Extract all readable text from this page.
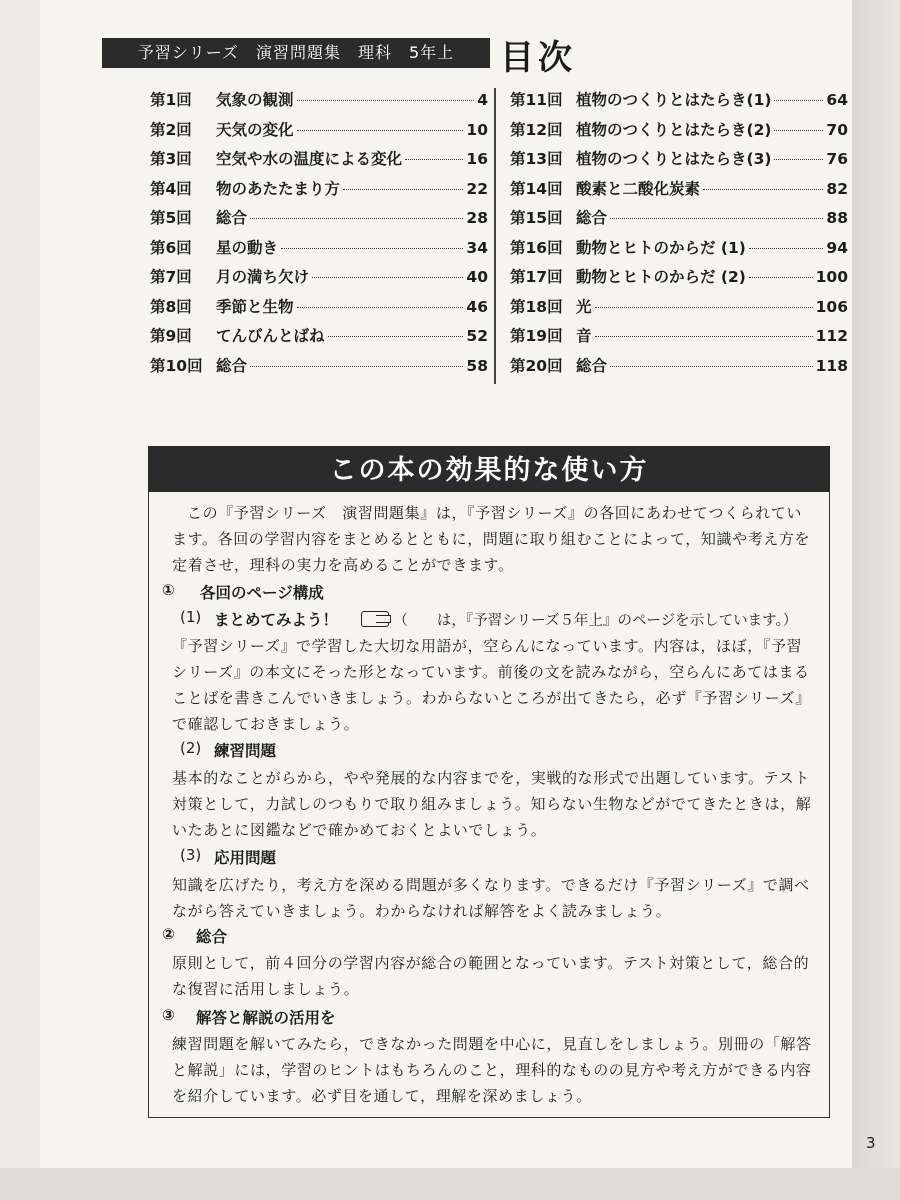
予習シリーズ　演習問題集　理科　5年上	目次
第1回	気象の観測	4
第2回	天気の変化	10
第3回	空気や水の温度による変化	16
第4回	物のあたたまり方	22
第5回	総合	28
第6回	星の動き	34
第7回	月の満ち欠け	40
第8回	季節と生物	46
第9回	てんびんとばね	52
第10回 総合	58
第11回 植物のつくりとはたらき(1)	64
第12回 植物のつくりとはたらき(2)	70
第13回 植物のつくりとはたらき(3)	76
第14回 酸素と二酸化炭素	82
第15回 総合	88
第16回 動物とヒトのからだ (1)	94
第17回 動物とヒトのからだ (2)	100
第18回 光	106
第19回 音	112
第20回 総合	118
この本の効果的な使い方
この『予習シリーズ　演習問題集』は，『予習シリーズ』の各回にあわせてつくられています。各回の学習内容をまとめるとともに，問題に取り組むことによって，知識や考え方を定着させ，理科の実力を高めることができます。
① 各回のページ構成
(1) まとめてみよう！	（　　は，『予習シリーズ５年上』のページを示しています。）
『予習シリーズ』で学習した大切な用語が，空らんになっています。内容は，ほぼ，『予習シリーズ』の本文にそった形となっています。前後の文を読みながら，空らんにあてはまることばを書きこんでいきましょう。わからないところが出てきたら，必ず『予習シリーズ』で確認しておきましょう。
(2) 練習問題
基本的なことがらから，やや発展的な内容までを，実戦的な形式で出題しています。テスト対策として，力試しのつもりで取り組みましょう。知らない生物などがでてきたときは，解いたあとに図鑑などで確かめておくとよいでしょう。
(3) 応用問題
知識を広げたり，考え方を深める問題が多くなります。できるだけ『予習シリーズ』で調べながら答えていきましょう。わからなければ解答をよく読みましょう。
② 総合
原則として，前４回分の学習内容が総合の範囲となっています。テスト対策として，総合的な復習に活用しましょう。
③ 解答と解説の活用を
練習問題を解いてみたら，できなかった問題を中心に，見直しをしましょう。別冊の「解答と解説」には，学習のヒントはもちろんのこと，理科的なものの見方や考え方ができる内容を紹介しています。必ず目を通して，理解を深めましょう。
3
